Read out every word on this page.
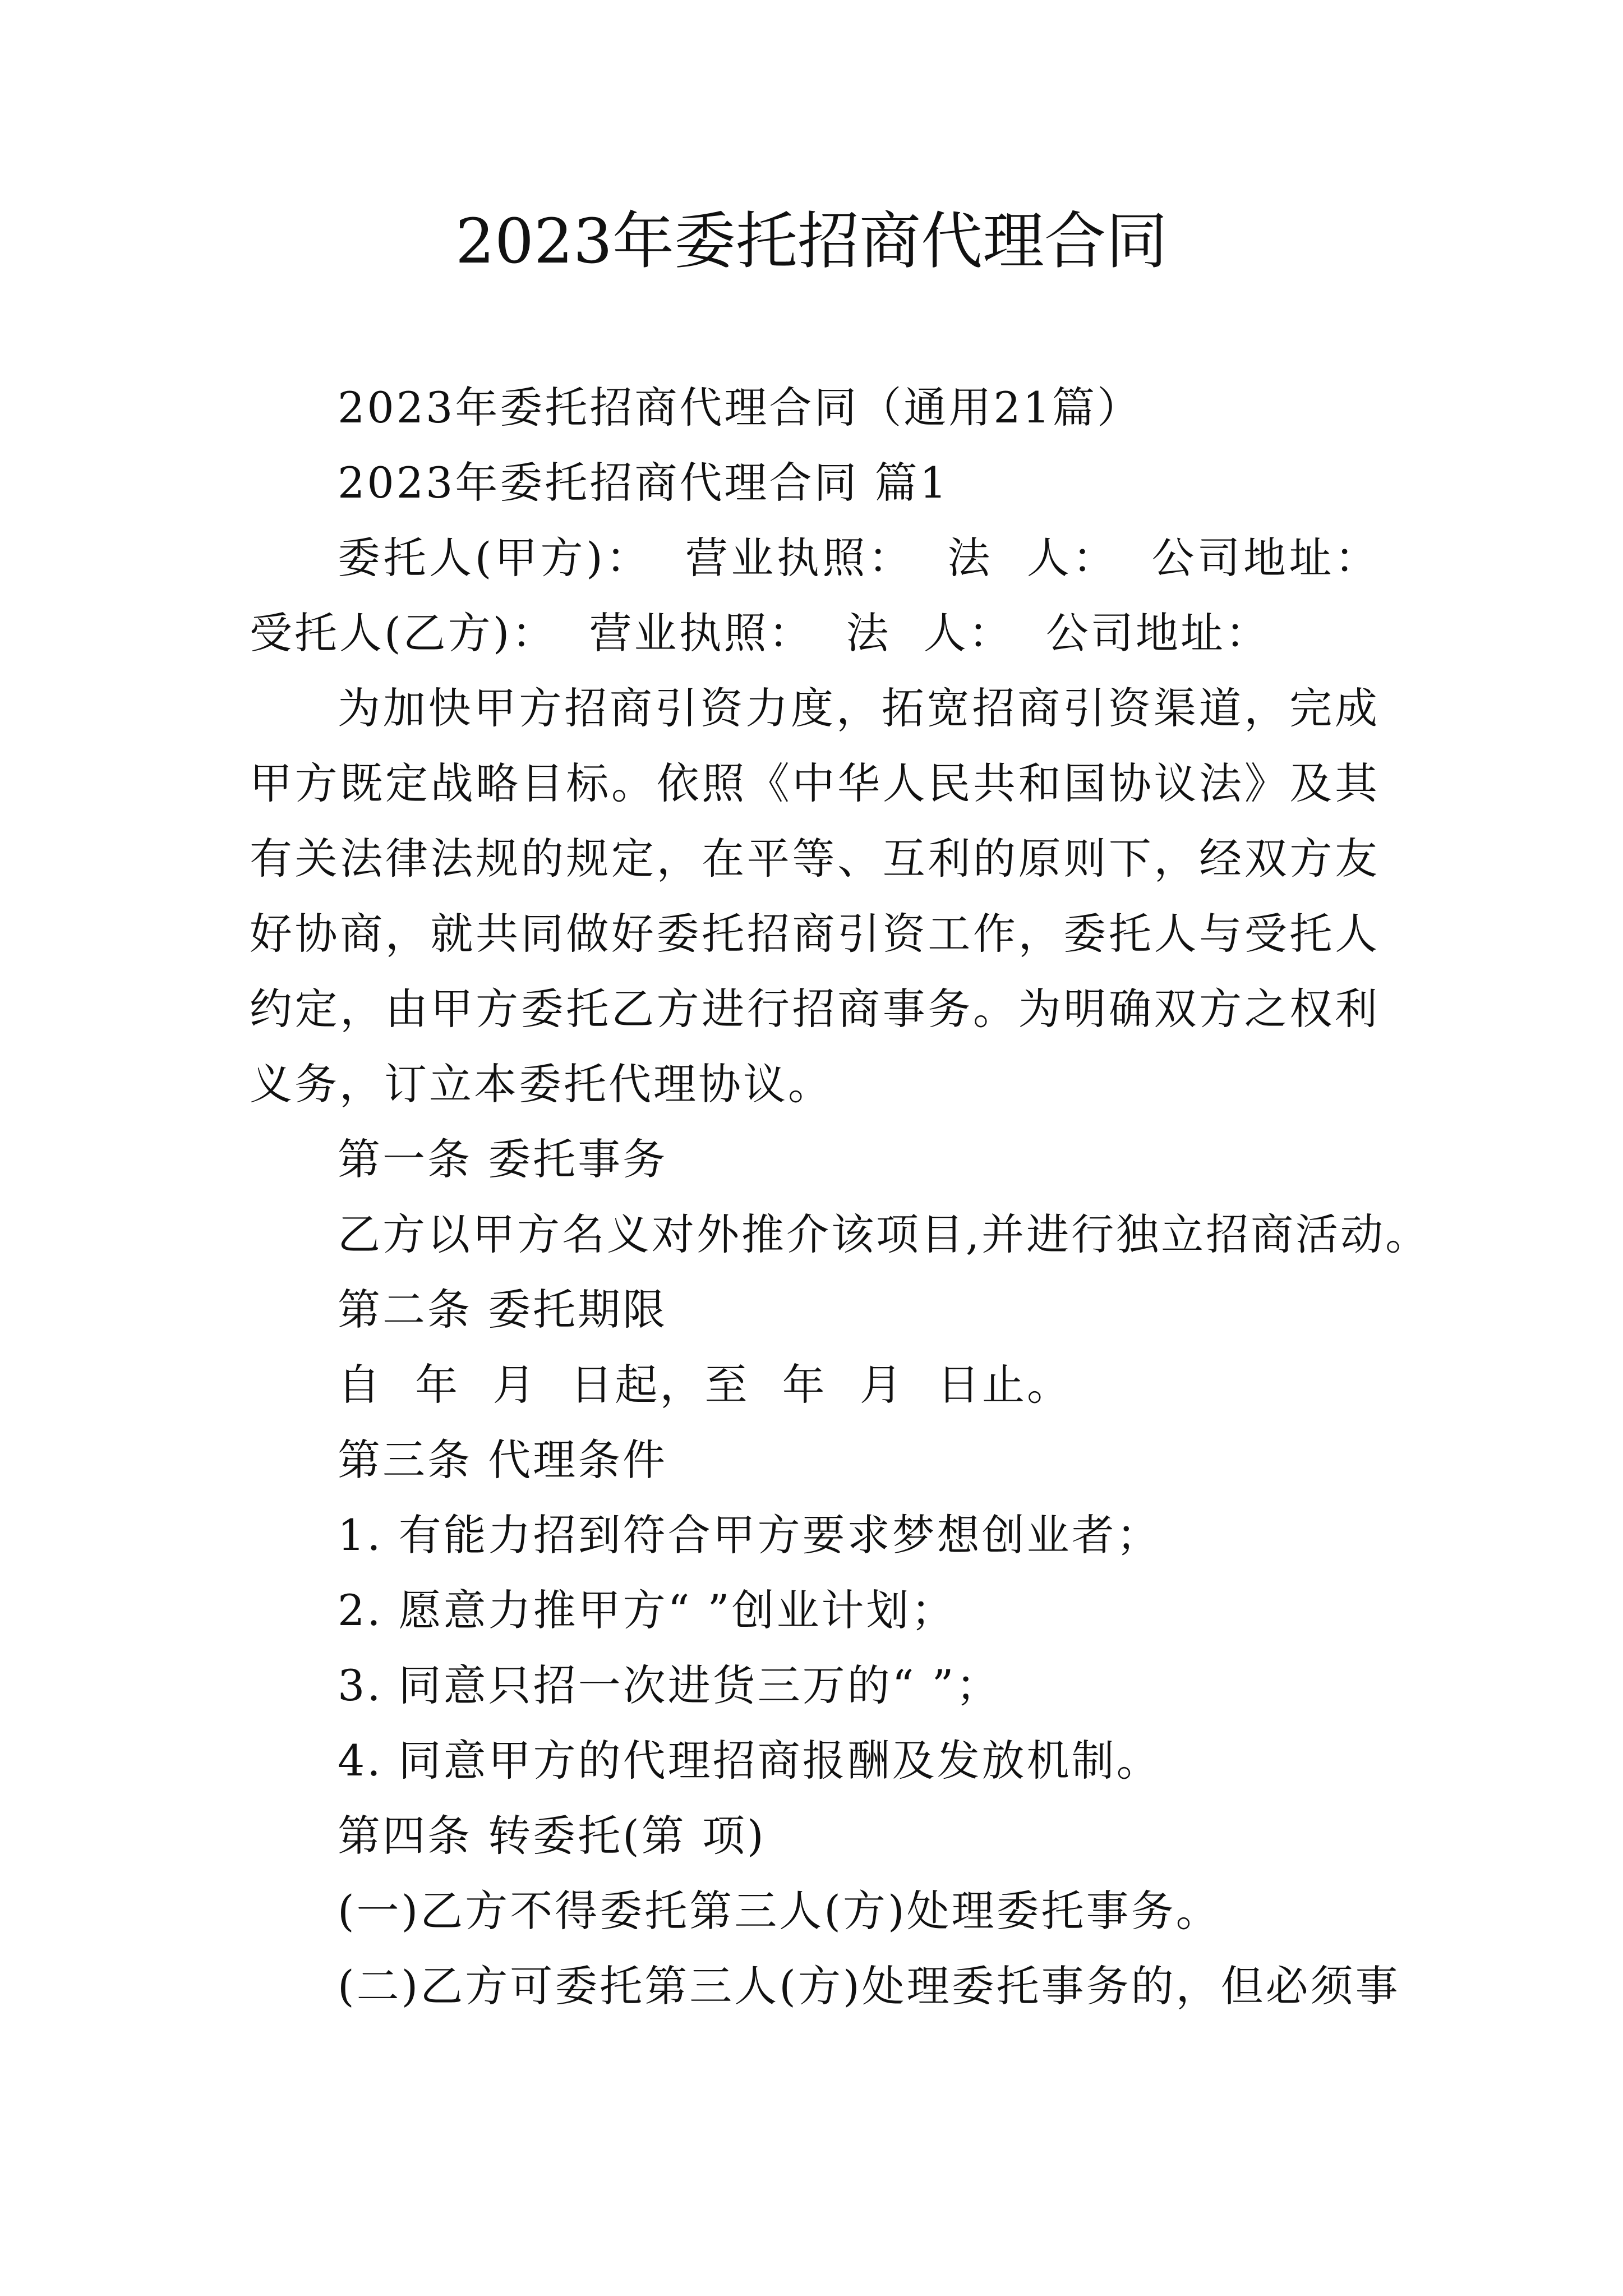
2023年委托招商代理合同

2023年委托招商代理合同（通用21篇）

2023年委托招商代理合同 篇1

委托人(甲方)： 营业执照： 法 人： 公司地址： 受托人(乙方)： 营业执照： 法 人： 公司地址：

为加快甲方招商引资力度，拓宽招商引资渠道，完成甲方既定战略目标。依照《中华人民共和国协议法》及其有关法律法规的规定，在平等、互利的原则下，经双方友好协商，就共同做好委托招商引资工作，委托人与受托人约定，由甲方委托乙方进行招商事务。为明确双方之权利义务，订立本委托代理协议。

第一条 委托事务

乙方以甲方名义对外推介该项目,并进行独立招商活动。

第二条 委托期限

自 年 月 日起，至 年 月 日止。

第三条 代理条件

1. 有能力招到符合甲方要求梦想创业者；

2. 愿意力推甲方“ ”创业计划；

3. 同意只招一次进货三万的“ ”；

4. 同意甲方的代理招商报酬及发放机制。

第四条 转委托(第 项)

(一)乙方不得委托第三人(方)处理委托事务。

(二)乙方可委托第三人(方)处理委托事务的，但必须事
